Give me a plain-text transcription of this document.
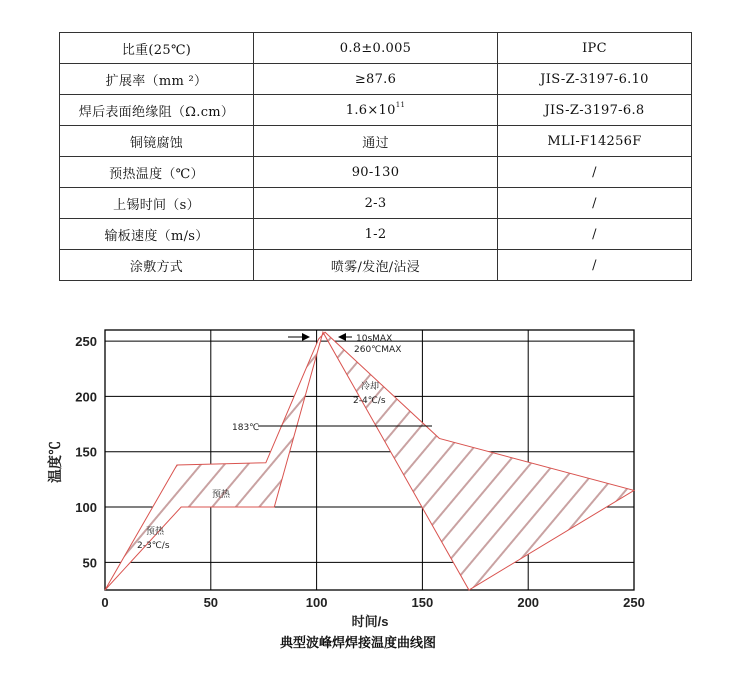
比重(25℃)	0.8±0.005	IPC
扩展率（mm ²）	≥87.6	JIS-Z-3197-6.10
焊后表面绝缘阻（Ω.cm）	$1.6\times 10^{11}$	JIS-Z-3197-6.8
铜镜腐蚀	通过	MLI-F14256F
预热温度（℃）	90-130	/
上锡时间（s）	2-3	/
输板速度（m/s）	1-2	/
涂敷方式	喷雾/发泡/沾浸	/
0	50	100	150	200	250
50
100
150
200
250
183℃
预热
2-3℃/s
预热
冷却
2-4℃/s
10sMAX
260℃MAX
时间/s
典型波峰焊焊接温度曲线图
温度℃
